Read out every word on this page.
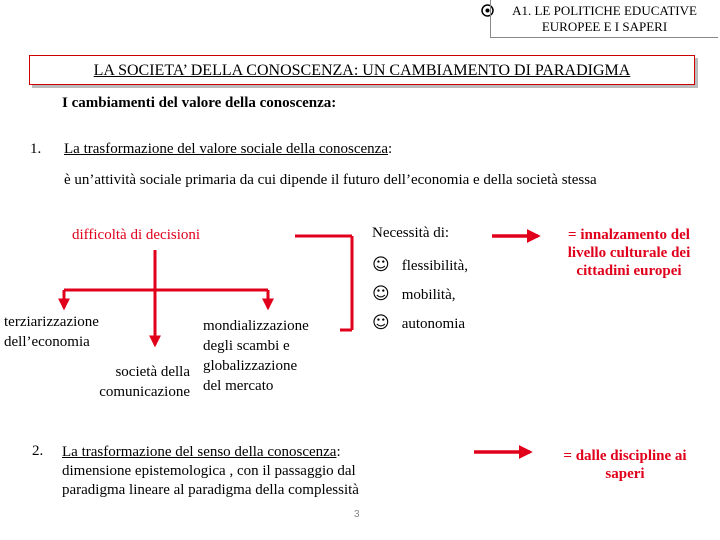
A1. LE POLITICHE EDUCATIVE
EUROPEE E I SAPERI
LA SOCIETA’ DELLA CONOSCENZA: UN CAMBIAMENTO DI PARADIGMA
I cambiamenti del valore della conoscenza:
1. La trasformazione del valore sociale della conoscenza:
è un’attività sociale primaria da cui dipende il futuro dell’economia e della società stessa
difficoltà di decisioni
terziarizzazione
dell’economia
società della
comunicazione
mondializzazione
degli scambi e
globalizzazione
del mercato
Necessità di:
☺ flessibilità,
☺ mobilità,
☺ autonomia
= innalzamento del
livello culturale dei
cittadini europei
2. La trasformazione del senso della conoscenza:
dimensione epistemologica , con il passaggio dal
paradigma lineare al paradigma della complessità
= dalle discipline ai
saperi
3
